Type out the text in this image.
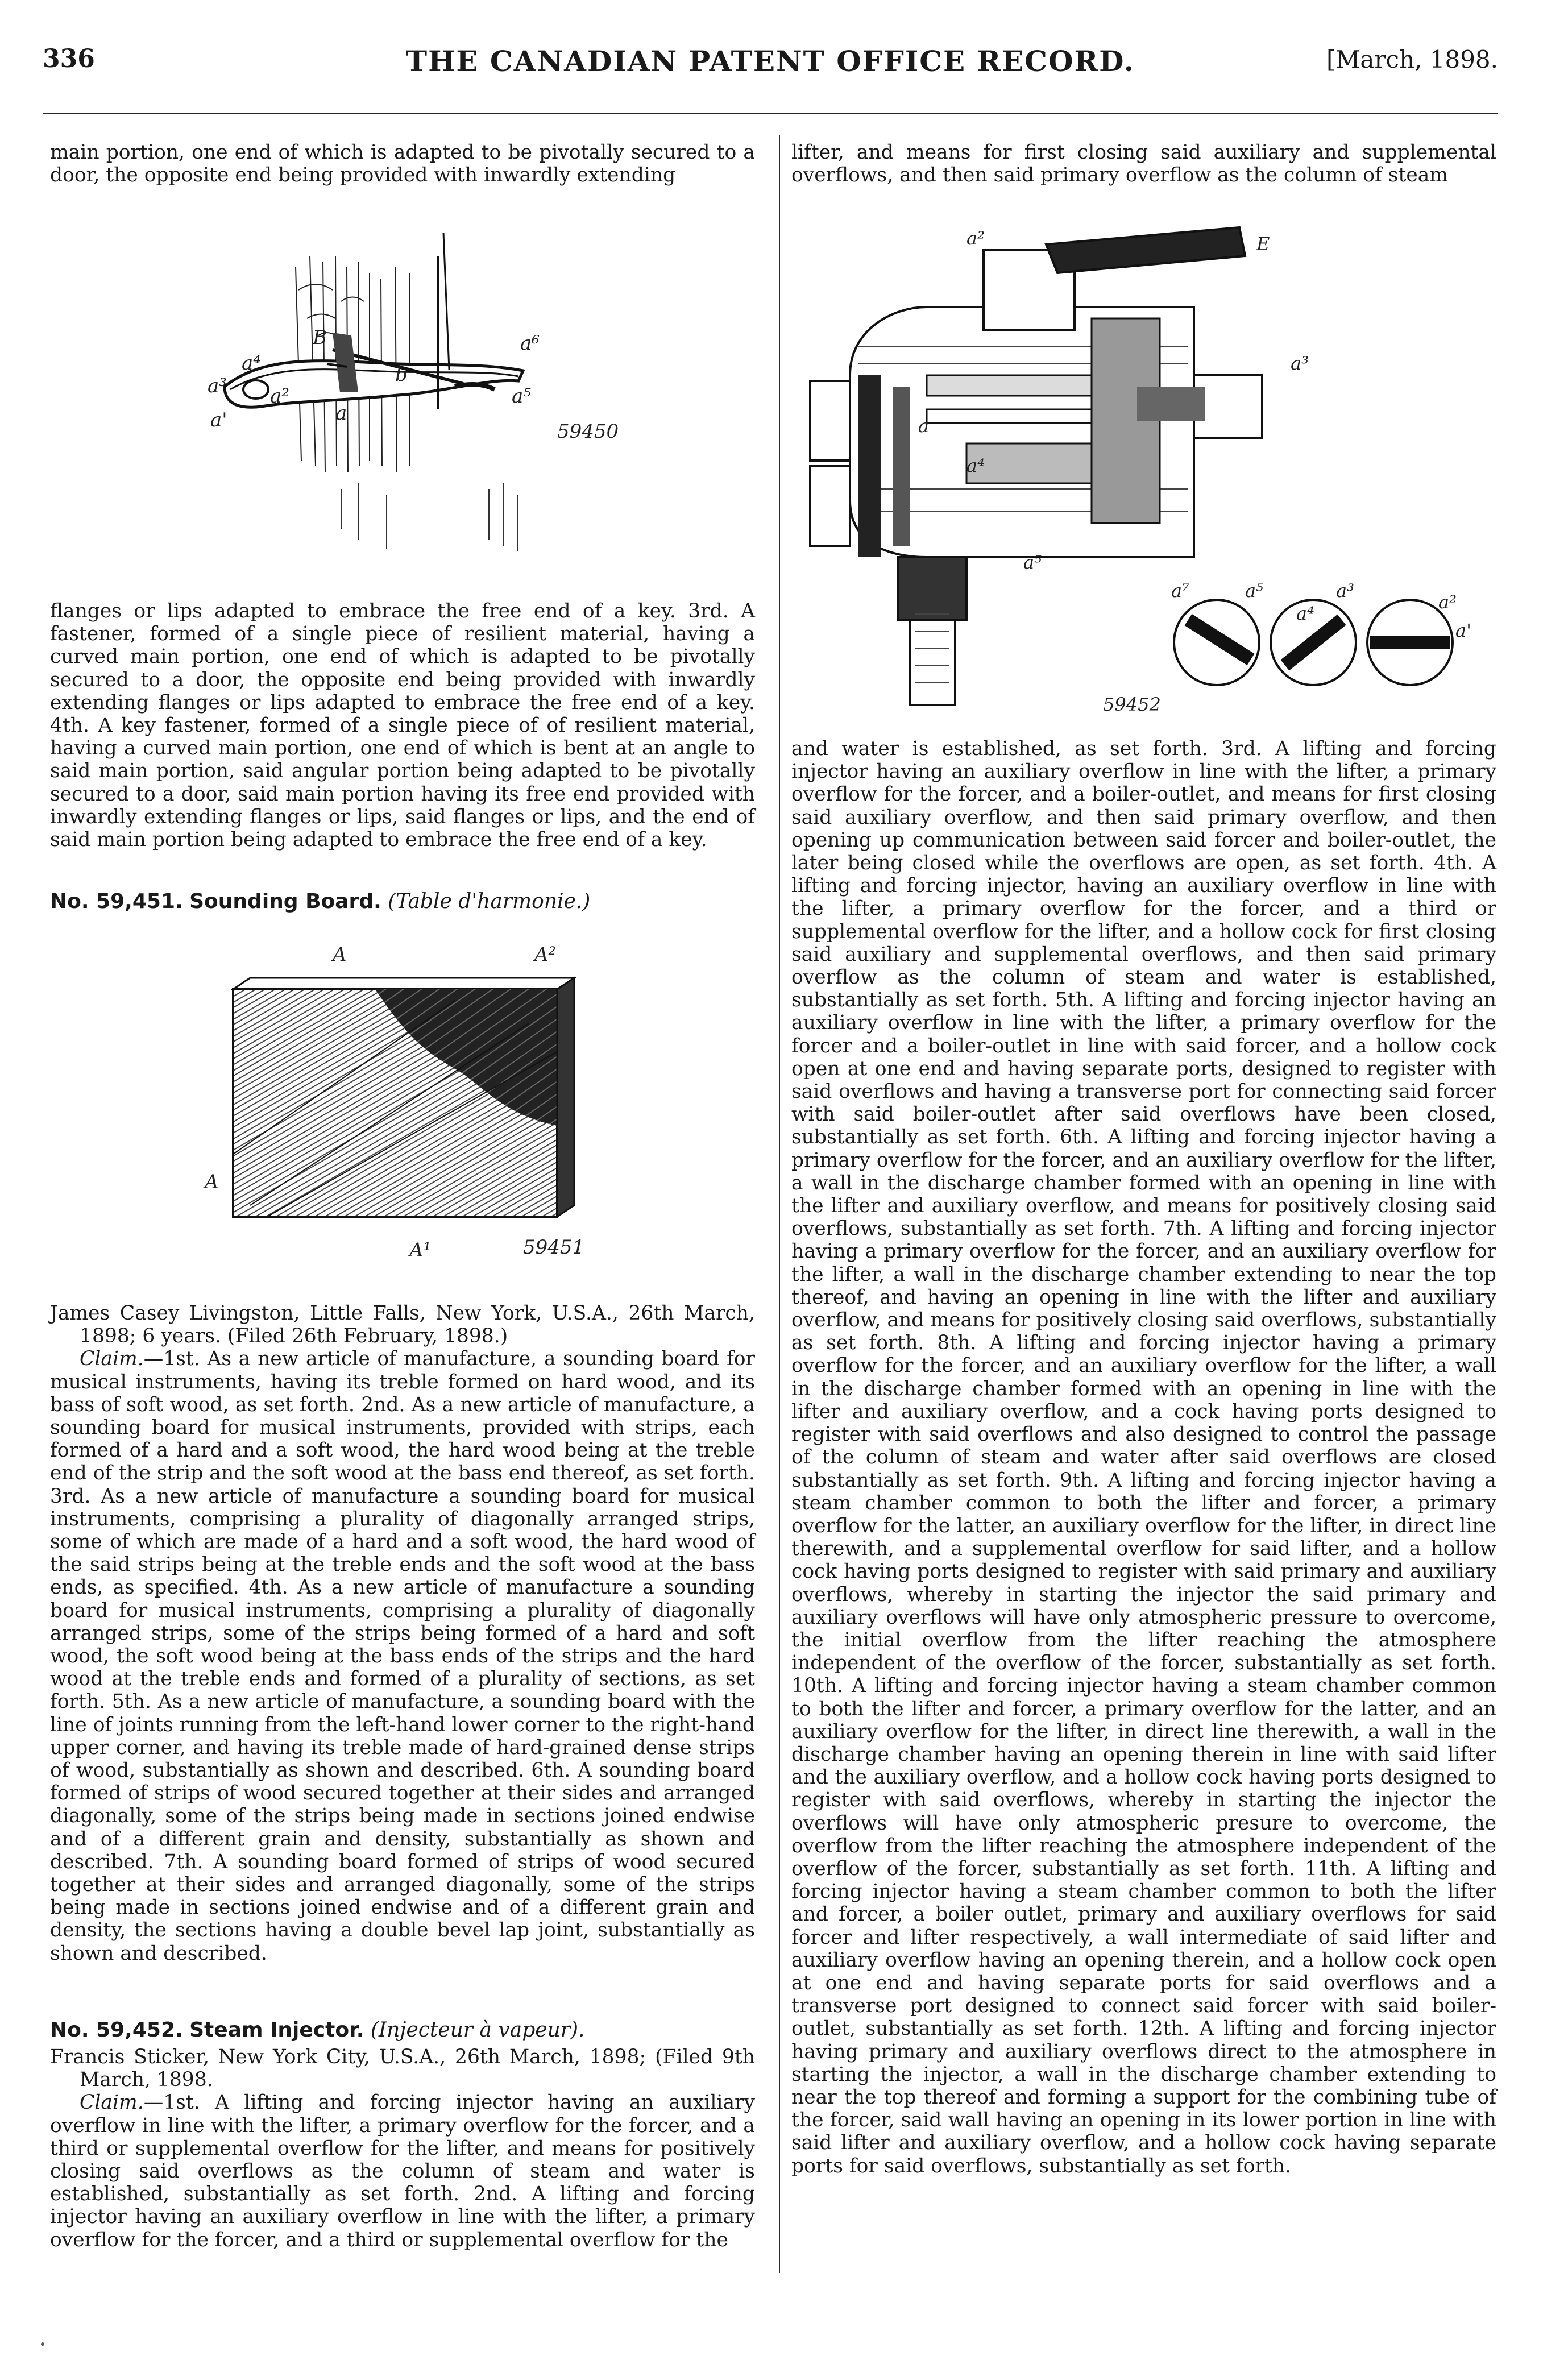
336	THE CANADIAN PATENT OFFICE RECORD.	[March, 1898.

main portion, one end of which is adapted to be pivotally secured to a door, the opposite end being provided with inwardly extending

B
a⁴
a⁶
a³ a²
a
b
a⁵
a'	59450

flanges or lips adapted to embrace the free end of a key. 3rd. A fastener, formed of a single piece of resilient material, having a curved main portion, one end of which is adapted to be pivotally secured to a door, the opposite end being provided with inwardly extending flanges or lips adapted to embrace the free end of a key. 4th. A key fastener, formed of a single piece of of resilient material, having a curved main portion, one end of which is bent at an angle to said main portion, said angular portion being adapted to be pivotally secured to a door, said main portion having its free end provided with inwardly extending flanges or lips, said flanges or lips, and the end of said main portion being adapted to embrace the free end of a key.

No. 59,451. Sounding Board. (Table d'harmonie.)

A	A²
A
A¹	59451

James Casey Livingston, Little Falls, New York, U.S.A., 26th March, 1898; 6 years. (Filed 26th February, 1898.)

Claim.—1st. As a new article of manufacture, a sounding board for musical instruments, having its treble formed on hard wood, and its bass of soft wood, as set forth. 2nd. As a new article of manufacture, a sounding board for musical instruments, provided with strips, each formed of a hard and a soft wood, the hard wood being at the treble end of the strip and the soft wood at the bass end thereof, as set forth. 3rd. As a new article of manufacture a sounding board for musical instruments, comprising a plurality of diagonally arranged strips, some of which are made of a hard and a soft wood, the hard wood of the said strips being at the treble ends and the soft wood at the bass ends, as specified. 4th. As a new article of manufacture a sounding board for musical instruments, comprising a plurality of diagonally arranged strips, some of the strips being formed of a hard and soft wood, the soft wood being at the bass ends of the strips and the hard wood at the treble ends and formed of a plurality of sections, as set forth. 5th. As a new article of manufacture, a sounding board with the line of joints running from the left-hand lower corner to the right-hand upper corner, and having its treble made of hard-grained dense strips of wood, substantially as shown and described. 6th. A sounding board formed of strips of wood secured together at their sides and arranged diagonally, some of the strips being made in sections joined endwise and of a different grain and density, substantially as shown and described. 7th. A sounding board formed of strips of wood secured together at their sides and arranged diagonally, some of the strips being made in sections joined endwise and of a different grain and density, the sections having a double bevel lap joint, substantially as shown and described.

No. 59,452. Steam Injector. (Injecteur à vapeur).

Francis Sticker, New York City, U.S.A., 26th March, 1898; (Filed 9th March, 1898.

Claim.—1st. A lifting and forcing injector having an auxiliary overflow in line with the lifter, a primary overflow for the forcer, and a third or supplemental overflow for the lifter, and means for positively closing said overflows as the column of steam and water is established, substantially as set forth. 2nd. A lifting and forcing injector having an auxiliary overflow in line with the lifter, a primary overflow for the forcer, and a third or supplemental overflow for the

lifter, and means for first closing said auxiliary and supplemental overflows, and then said primary overflow as the column of steam

a²	E
a³
a
a⁴
a⁵
a⁷	a⁵
a⁴
a³
a²
a'
59452

and water is established, as set forth. 3rd. A lifting and forcing injector having an auxiliary overflow in line with the lifter, a primary overflow for the forcer, and a boiler-outlet, and means for first closing said auxiliary overflow, and then said primary overflow, and then opening up communication between said forcer and boiler-outlet, the later being closed while the overflows are open, as set forth. 4th. A lifting and forcing injector, having an auxiliary overflow in line with the lifter, a primary overflow for the forcer, and a third or supplemental overflow for the lifter, and a hollow cock for first closing said auxiliary and supplemental overflows, and then said primary overflow as the column of steam and water is established, substantially as set forth. 5th. A lifting and forcing injector having an auxiliary overflow in line with the lifter, a primary overflow for the forcer and a boiler-outlet in line with said forcer, and a hollow cock open at one end and having separate ports, designed to register with said overflows and having a transverse port for connecting said forcer with said boiler-outlet after said overflows have been closed, substantially as set forth. 6th. A lifting and forcing injector having a primary overflow for the forcer, and an auxiliary overflow for the lifter, a wall in the discharge chamber formed with an opening in line with the lifter and auxiliary overflow, and means for positively closing said overflows, substantially as set forth. 7th. A lifting and forcing injector having a primary overflow for the forcer, and an auxiliary overflow for the lifter, a wall in the discharge chamber extending to near the top thereof, and having an opening in line with the lifter and auxiliary overflow, and means for positively closing said overflows, substantially as set forth. 8th. A lifting and forcing injector having a primary overflow for the forcer, and an auxiliary overflow for the lifter, a wall in the discharge chamber formed with an opening in line with the lifter and auxiliary overflow, and a cock having ports designed to register with said overflows and also designed to control the passage of the column of steam and water after said overflows are closed substantially as set forth. 9th. A lifting and forcing injector having a steam chamber common to both the lifter and forcer, a primary overflow for the latter, an auxiliary overflow for the lifter, in direct line therewith, and a supplemental overflow for said lifter, and a hollow cock having ports designed to register with said primary and auxiliary overflows, whereby in starting the injector the said primary and auxiliary overflows will have only atmospheric pressure to overcome, the initial overflow from the lifter reaching the atmosphere independent of the overflow of the forcer, substantially as set forth. 10th. A lifting and forcing injector having a steam chamber common to both the lifter and forcer, a primary overflow for the latter, and an auxiliary overflow for the lifter, in direct line therewith, a wall in the discharge chamber having an opening therein in line with said lifter and the auxiliary overflow, and a hollow cock having ports designed to register with said overflows, whereby in starting the injector the overflows will have only atmospheric presure to overcome, the overflow from the lifter reaching the atmosphere independent of the overflow of the forcer, substantially as set forth. 11th. A lifting and forcing injector having a steam chamber common to both the lifter and forcer, a boiler outlet, primary and auxiliary overflows for said forcer and lifter respectively, a wall intermediate of said lifter and auxiliary overflow having an opening therein, and a hollow cock open at one end and having separate ports for said overflows and a transverse port designed to connect said forcer with said boiler-outlet, substantially as set forth. 12th. A lifting and forcing injector having primary and auxiliary overflows direct to the atmosphere in starting the injector, a wall in the discharge chamber extending to near the top thereof and forming a support for the combining tube of the forcer, said wall having an opening in its lower portion in line with said lifter and auxiliary overflow, and a hollow cock having separate ports for said overflows, substantially as set forth.
